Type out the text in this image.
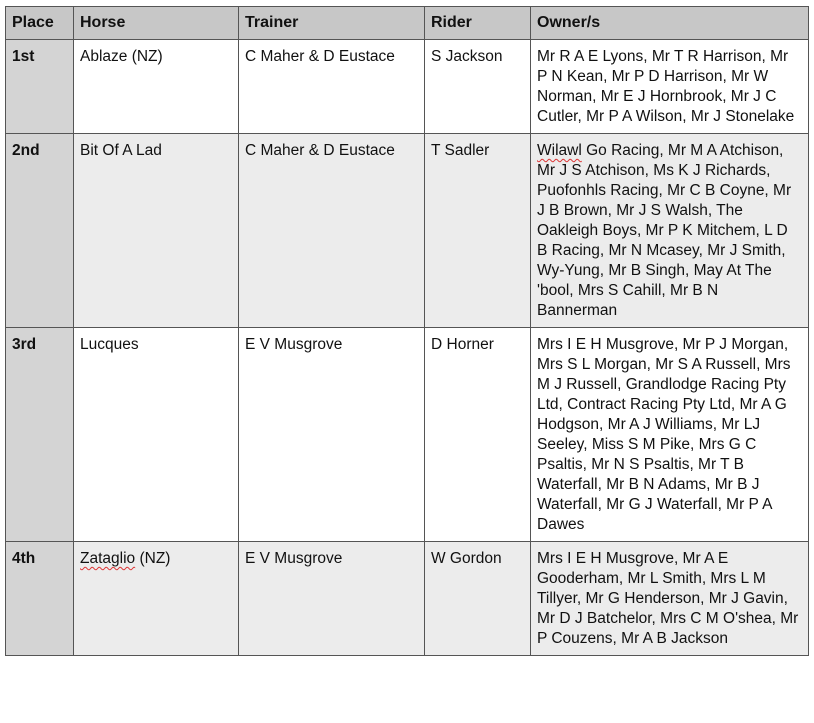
Place	Horse	Trainer	Rider	Owner/s
1st	Ablaze (NZ)	C Maher & D Eustace	S Jackson	Mr R A E Lyons, Mr T R Harrison, Mr P N Kean, Mr P D Harrison, Mr W Norman, Mr E J Hornbrook, Mr J C Cutler, Mr P A Wilson, Mr J Stonelake
2nd	Bit Of A Lad	C Maher & D Eustace	T Sadler	Wilawl Go Racing, Mr M A Atchison, Mr J S Atchison, Ms K J Richards, Puofonhls Racing, Mr C B Coyne, Mr J B Brown, Mr J S Walsh, The Oakleigh Boys, Mr P K Mitchem, L D B Racing, Mr N Mcasey, Mr J Smith, Wy-Yung, Mr B Singh, May At The 'bool, Mrs S Cahill, Mr B N Bannerman
3rd	Lucques	E V Musgrove	D Horner	Mrs I E H Musgrove, Mr P J Morgan, Mrs S L Morgan, Mr S A Russell, Mrs M J Russell, Grandlodge Racing Pty Ltd, Contract Racing Pty Ltd, Mr A G Hodgson, Mr A J Williams, Mr LJ Seeley, Miss S M Pike, Mrs G C Psaltis, Mr N S Psaltis, Mr T B Waterfall, Mr B N Adams, Mr B J Waterfall, Mr G J Waterfall, Mr P A Dawes
4th	Zataglio (NZ)	E V Musgrove	W Gordon	Mrs I E H Musgrove, Mr A E Gooderham, Mr L Smith, Mrs L M Tillyer, Mr G Henderson, Mr J Gavin, Mr D J Batchelor, Mrs C M O'shea, Mr P Couzens, Mr A B Jackson
